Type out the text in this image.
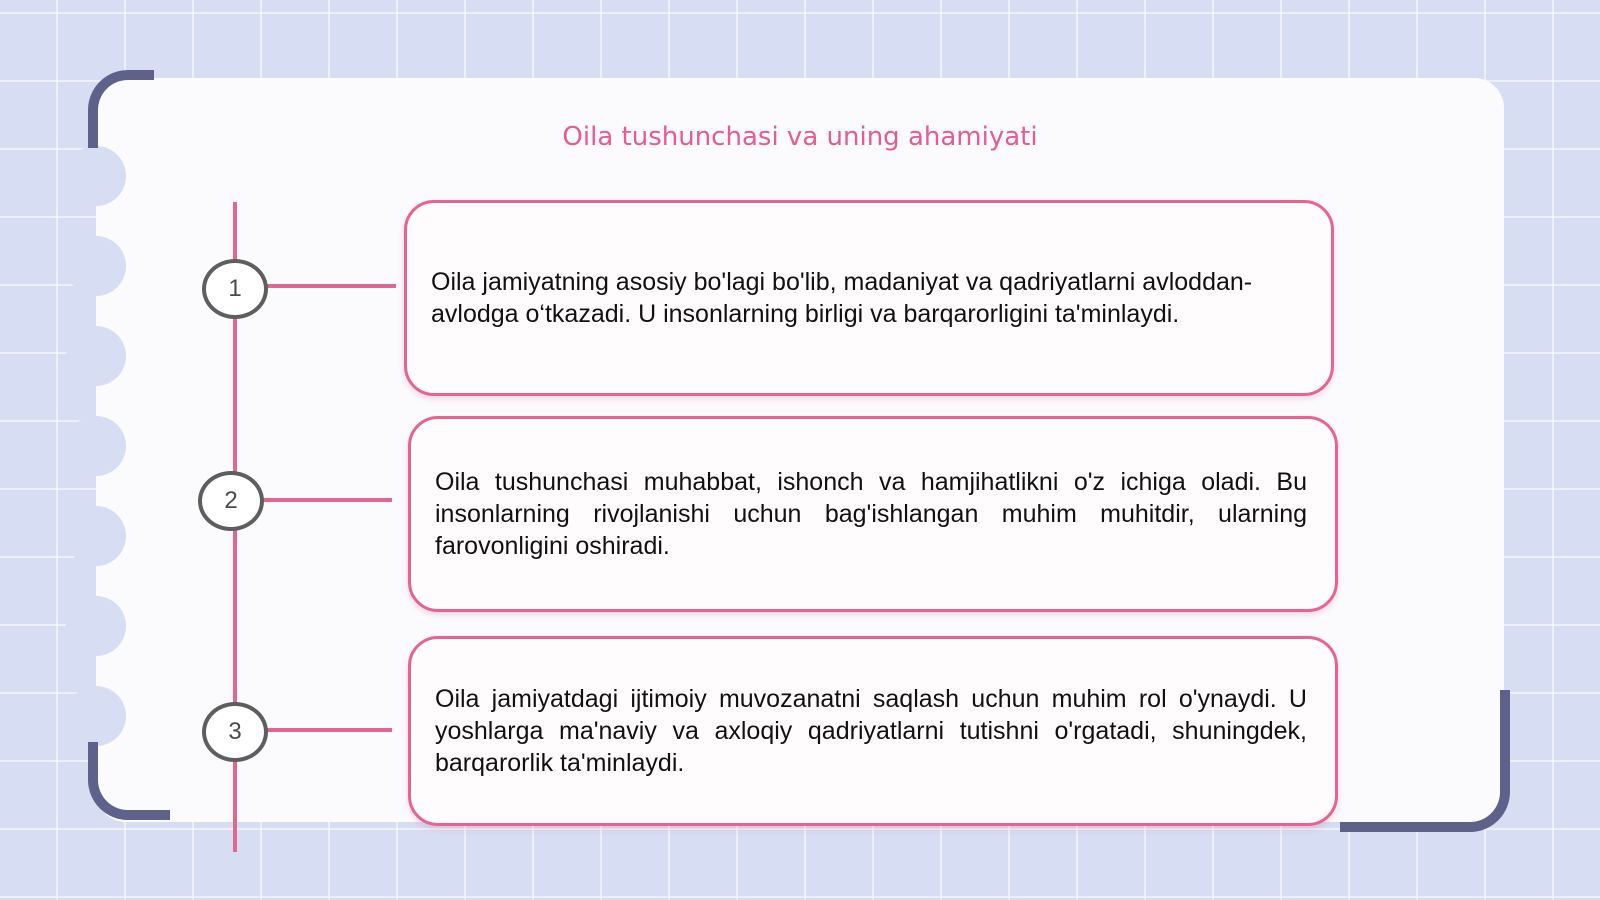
Oila tushunchasi va uning ahamiyati
1
2
3

Oila jamiyatning asosiy bo'lagi bo'lib, madaniyat va qadriyatlarni avloddan-avlodga o‘tkazadi. U insonlarning birligi va barqarorligini ta'minlaydi.

Oila tushunchasi muhabbat, ishonch va hamjihatlikni o'z ichiga oladi. Bu insonlarning rivojlanishi uchun bag'ishlangan muhim muhitdir, ularning farovonligini oshiradi.

Oila jamiyatdagi ijtimoiy muvozanatni saqlash uchun muhim rol o'ynaydi. U yoshlarga ma'naviy va axloqiy qadriyatlarni tutishni o'rgatadi, shuningdek, barqarorlik ta'minlaydi.
